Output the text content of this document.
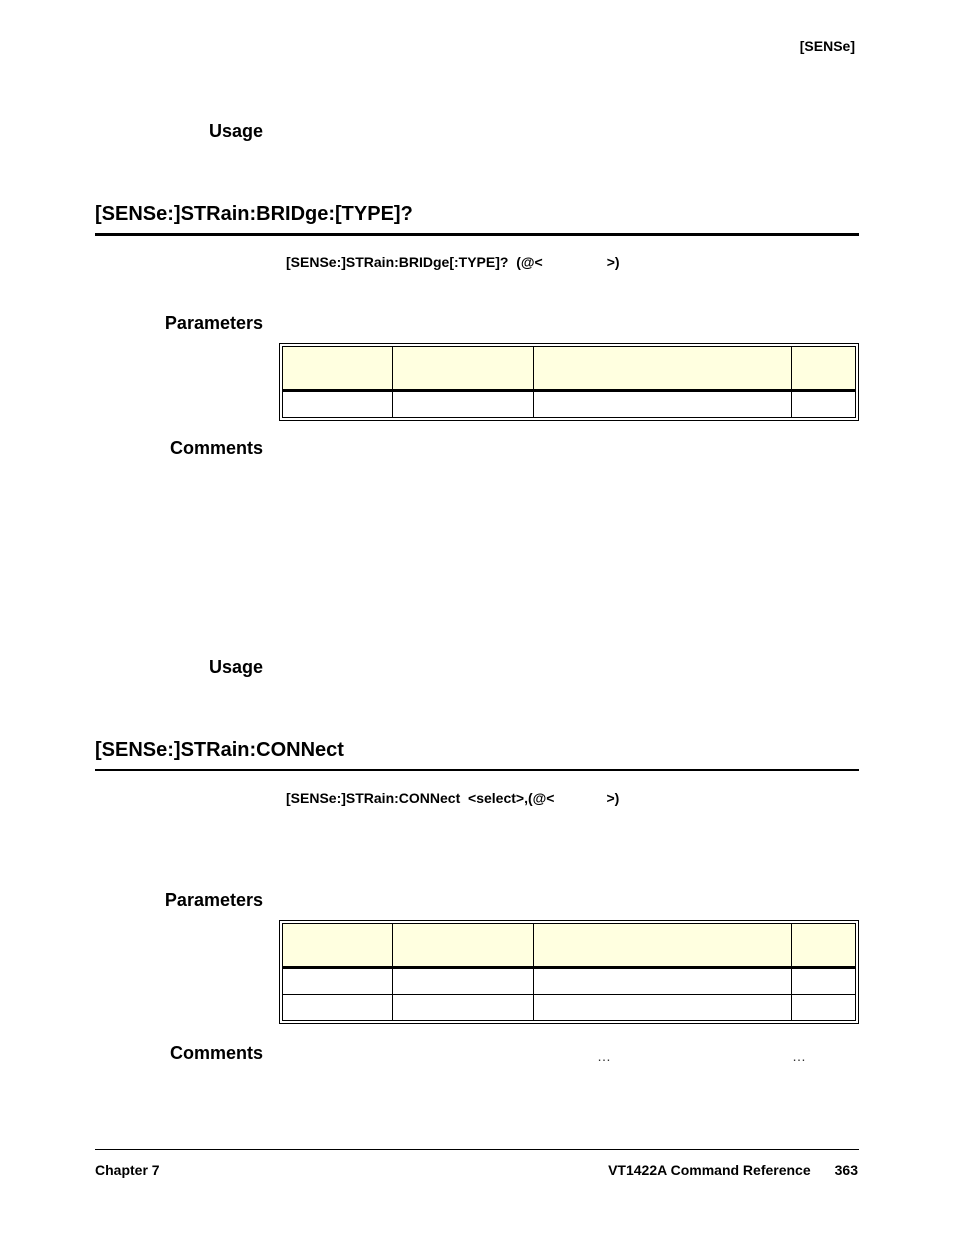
[SENSe]
Usage
[SENSe:]STRain:BRIDge:[TYPE]?
[SENSe:]STRain:BRIDge[:TYPE]?  (@<	>)
Parameters

Comments
Usage
[SENSe:]STRain:CONNect
[SENSe:]STRain:CONNect  <select>,(@<	>)
Parameters

Comments	…	…
Chapter 7	VT1422A Command Reference 363
